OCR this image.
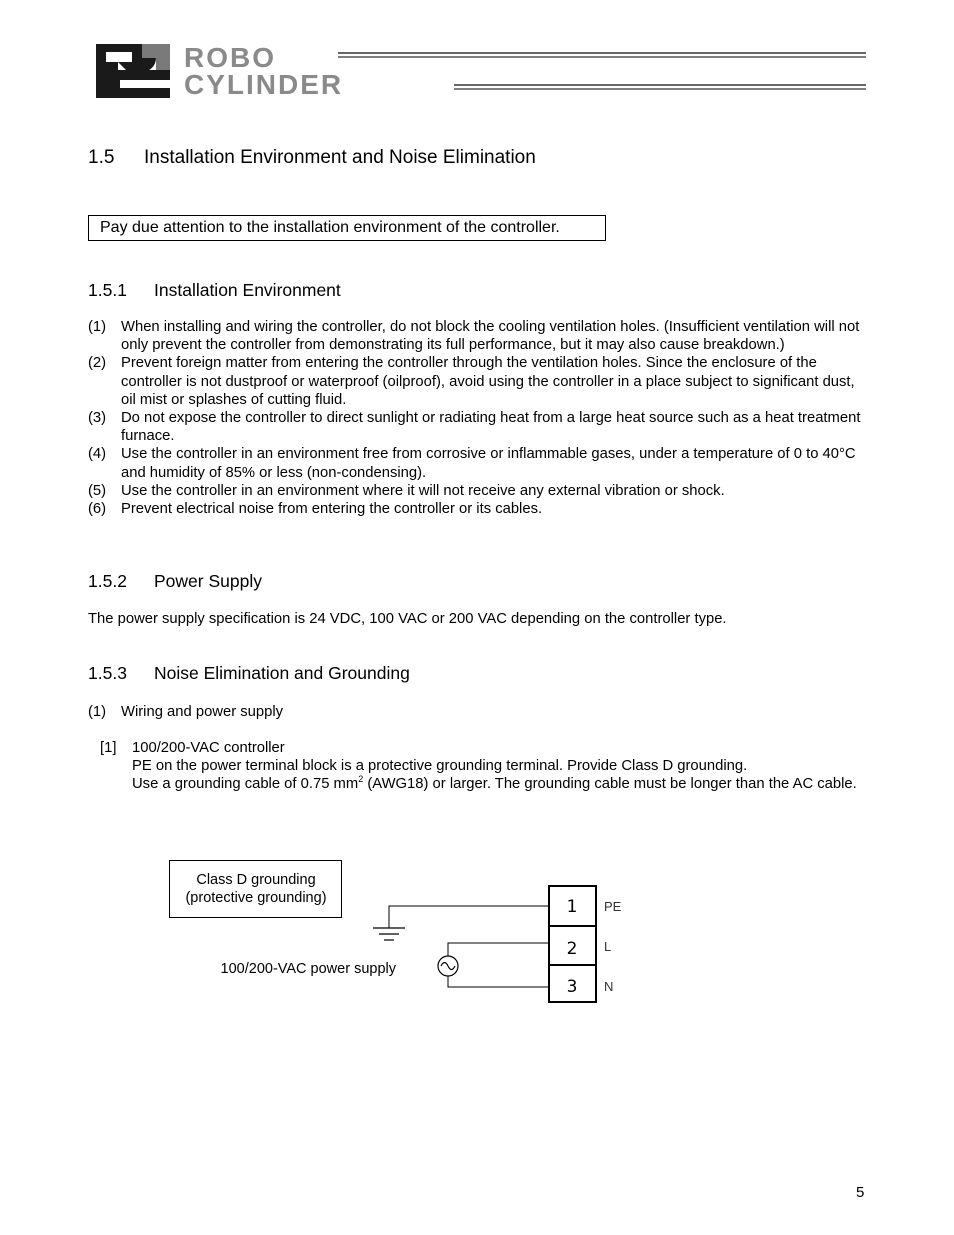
ROBO
CYLINDER
1.5 Installation Environment and Noise Elimination
Pay due attention to the installation environment of the controller.
1.5.1 Installation Environment
(1) When installing and wiring the controller, do not block the cooling ventilation holes. (Insufficient ventilation will not only prevent the controller from demonstrating its full performance, but it may also cause breakdown.)
(2) Prevent foreign matter from entering the controller through the ventilation holes. Since the enclosure of the controller is not dustproof or waterproof (oilproof), avoid using the controller in a place subject to significant dust, oil mist or splashes of cutting fluid.
(3) Do not expose the controller to direct sunlight or radiating heat from a large heat source such as a heat treatment furnace.
(4) Use the controller in an environment free from corrosive or inflammable gases, under a temperature of 0 to 40°C and humidity of 85% or less (non-condensing).
(5) Use the controller in an environment where it will not receive any external vibration or shock.
(6) Prevent electrical noise from entering the controller or its cables.
1.5.2 Power Supply
The power supply specification is 24 VDC, 100 VAC or 200 VAC depending on the controller type.
1.5.3 Noise Elimination and Grounding
(1) Wiring and power supply
[1] 100/200-VAC controller
PE on the power terminal block is a protective grounding terminal. Provide Class D grounding.
Use a grounding cable of 0.75 $mm^2$ (AWG18) or larger. The grounding cable must be longer than the AC cable.
Class D grounding
(protective grounding)	1
2
3
PE
L
N
100/200-VAC power supply
5
